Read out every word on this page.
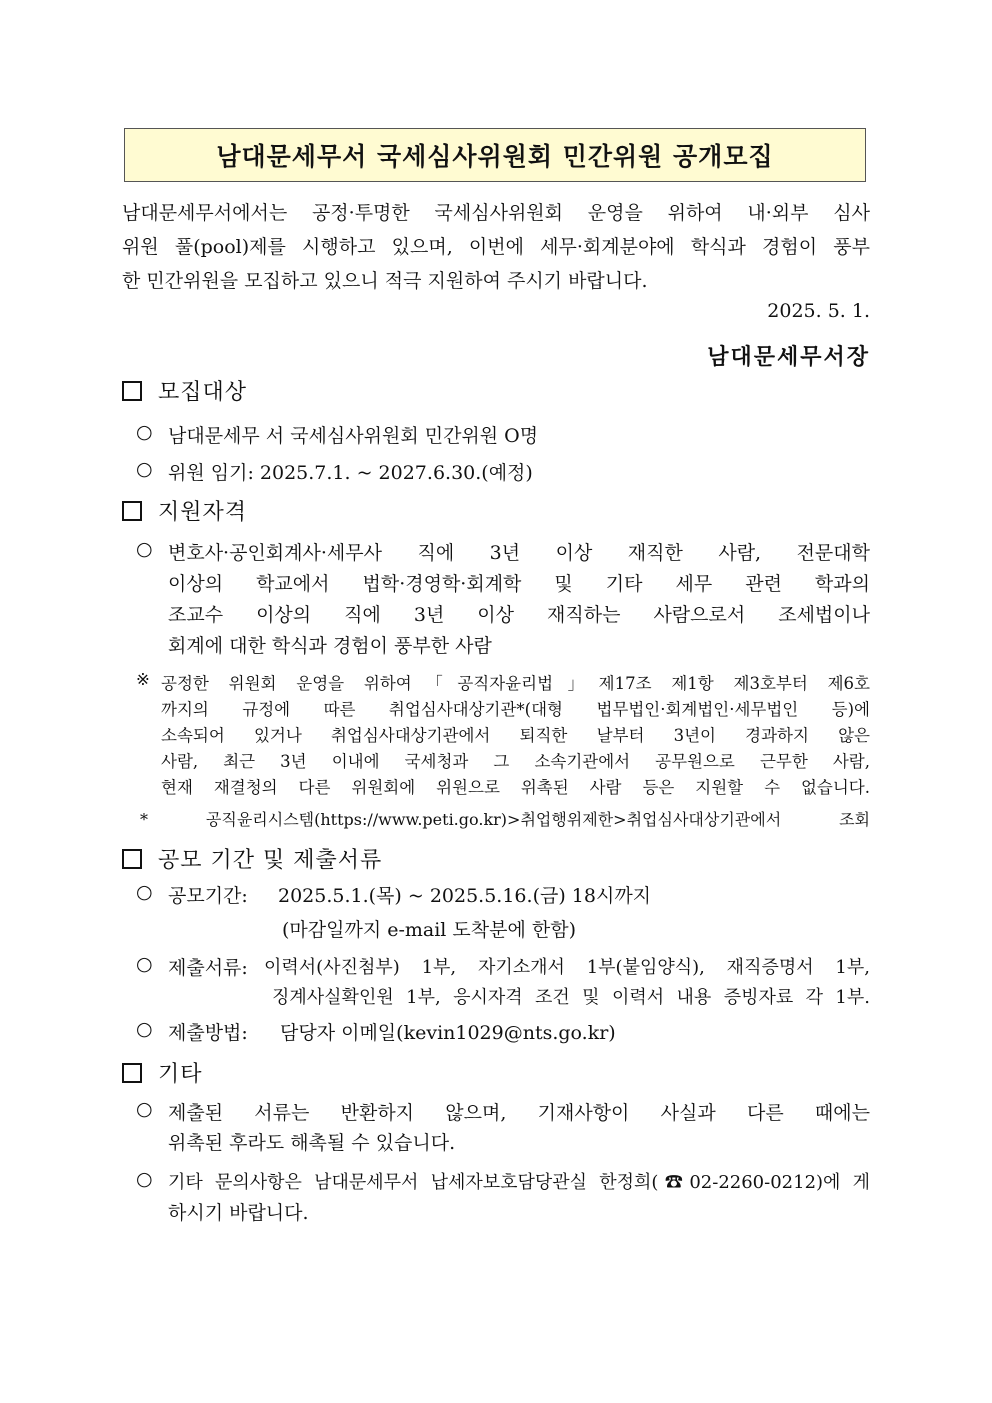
남대문세무서 국세심사위원회 민간위원 공개모집
남대문세무서에서는 공정·투명한 국세심사위원회 운영을 위하여 내·외부 심사
위원 풀(pool)제를 시행하고 있으며, 이번에 세무·회계분야에 학식과 경험이 풍부
한 민간위원을 모집하고 있으니 적극 지원하여 주시기 바랍니다.
2025. 5. 1.
남대문세무서장
모집대상
○ 남대문세무 서 국세심사위원회 민간위원 O명
○ 위원 임기: 2025.7.1. ~ 2027.6.30.(예정)
지원자격
○ 변호사·공인회계사·세무사 직에 3년 이상 재직한 사람, 전문대학
이상의 학교에서 법학·경영학·회계학 및 기타 세무 관련 학과의
조교수 이상의 직에 3년 이상 재직하는 사람으로서 조세법이나
회계에 대한 학식과 경험이 풍부한 사람
※ 공정한 위원회 운영을 위하여「공직자윤리법」제17조 제1항 제3호부터 제6호
까지의 규정에 따른 취업심사대상기관*(대형 법무법인·회계법인·세무법인 등)에
소속되어 있거나 취업심사대상기관에서 퇴직한 날부터 3년이 경과하지 않은
사람, 최근 3년 이내에 국세청과 그 소속기관에서 공무원으로 근무한 사람,
현재 재결청의 다른 위원회에 위원으로 위촉된 사람 등은 지원할 수 없습니다.
* 공직윤리시스템(https://www.peti.go.kr)>취업행위제한>취업심사대상기관에서 조회
공모 기간 및 제출서류
○ 공모기간: 2025.5.1.(목) ~ 2025.5.16.(금) 18시까지
(마감일까지 e-mail 도착분에 한함)
○ 제출서류: 이력서(사진첨부) 1부, 자기소개서 1부(붙임양식), 재직증명서 1부,
징계사실확인원 1부, 응시자격 조건 및 이력서 내용 증빙자료 각 1부.
○ 제출방법: 담당자 이메일(kevin1029@nts.go.kr)
기타
○ 제출된 서류는 반환하지 않으며, 기재사항이 사실과 다른 때에는
위촉된 후라도 해촉될 수 있습니다.
○ 기타 문의사항은 남대문세무서 납세자보호담당관실 한정희(☎02-2260-0212)에 게
하시기 바랍니다.
